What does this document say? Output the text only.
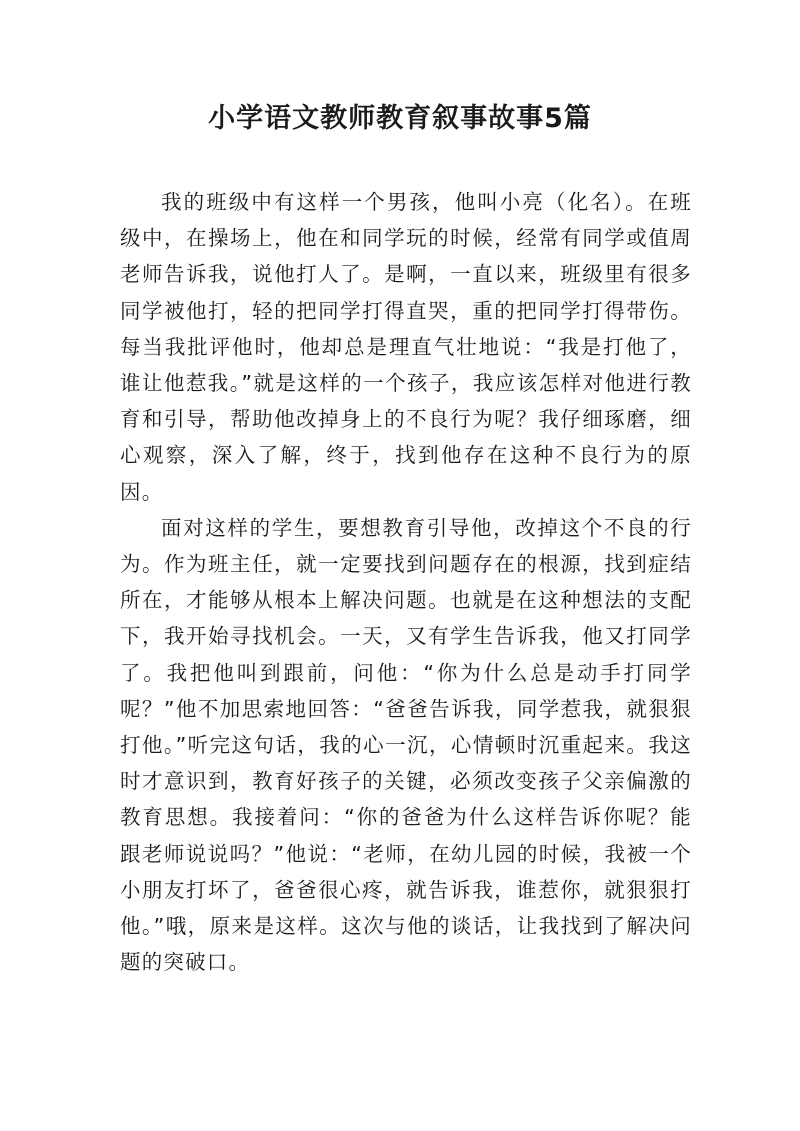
小学语文教师教育叙事故事5篇

我的班级中有这样一个男孩，他叫小亮（化名）。在班级中，在操场上，他在和同学玩的时候，经常有同学或值周老师告诉我，说他打人了。是啊，一直以来，班级里有很多同学被他打，轻的把同学打得直哭，重的把同学打得带伤。每当我批评他时，他却总是理直气壮地说：“我是打他了，谁让他惹我。”就是这样的一个孩子，我应该怎样对他进行教育和引导，帮助他改掉身上的不良行为呢？我仔细琢磨，细心观察，深入了解，终于，找到他存在这种不良行为的原因。

面对这样的学生，要想教育引导他，改掉这个不良的行为。作为班主任，就一定要找到问题存在的根源，找到症结所在，才能够从根本上解决问题。也就是在这种想法的支配下，我开始寻找机会。一天，又有学生告诉我，他又打同学了。我把他叫到跟前，问他：“你为什么总是动手打同学呢？”他不加思索地回答：“爸爸告诉我，同学惹我，就狠狠打他。”听完这句话，我的心一沉，心情顿时沉重起来。我这时才意识到，教育好孩子的关键，必须改变孩子父亲偏激的教育思想。我接着问：“你的爸爸为什么这样告诉你呢？能跟老师说说吗？”他说：“老师，在幼儿园的时候，我被一个小朋友打坏了，爸爸很心疼，就告诉我，谁惹你，就狠狠打他。”哦，原来是这样。这次与他的谈话，让我找到了解决问题的突破口。
